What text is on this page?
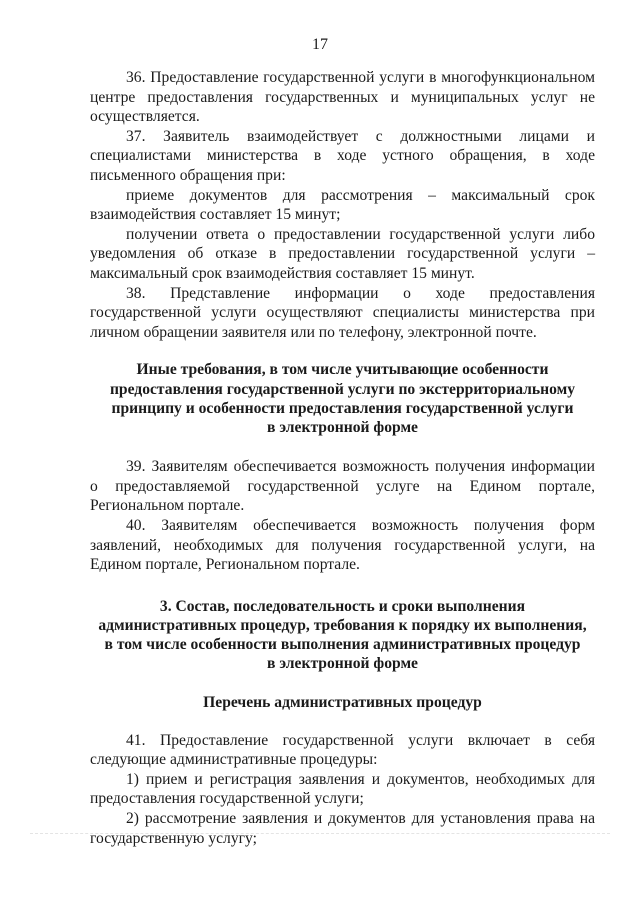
17

36. Предоставление государственной услуги в многофункциональном центре предоставления государственных и муниципальных услуг не осуществляется.

37. Заявитель взаимодействует с должностными лицами и специалистами министерства в ходе устного обращения, в ходе письменного обращения при:

приеме документов для рассмотрения – максимальный срок взаимодействия составляет 15 минут;

получении ответа о предоставлении государственной услуги либо уведомления об отказе в предоставлении государственной услуги – максимальный срок взаимодействия составляет 15 минут.

38. Представление информации о ходе предоставления государственной услуги осуществляют специалисты министерства при личном обращении заявителя или по телефону, электронной почте.

Иные требования, в том числе учитывающие особенности
предоставления государственной услуги по экстерриториальному
принципу и особенности предоставления государственной услуги
в электронной форме

39. Заявителям обеспечивается возможность получения информации о предоставляемой государственной услуге на Едином портале, Региональном портале.

40. Заявителям обеспечивается возможность получения форм заявлений, необходимых для получения государственной услуги, на Едином портале, Региональном портале.

3. Состав, последовательность и сроки выполнения
административных процедур, требования к порядку их выполнения,
в том числе особенности выполнения административных процедур
в электронной форме
Перечень административных процедур

41. Предоставление государственной услуги включает в себя следующие административные процедуры:

1) прием и регистрация заявления и документов, необходимых для предоставления государственной услуги;

2) рассмотрение заявления и документов для установления права на государственную услугу;
